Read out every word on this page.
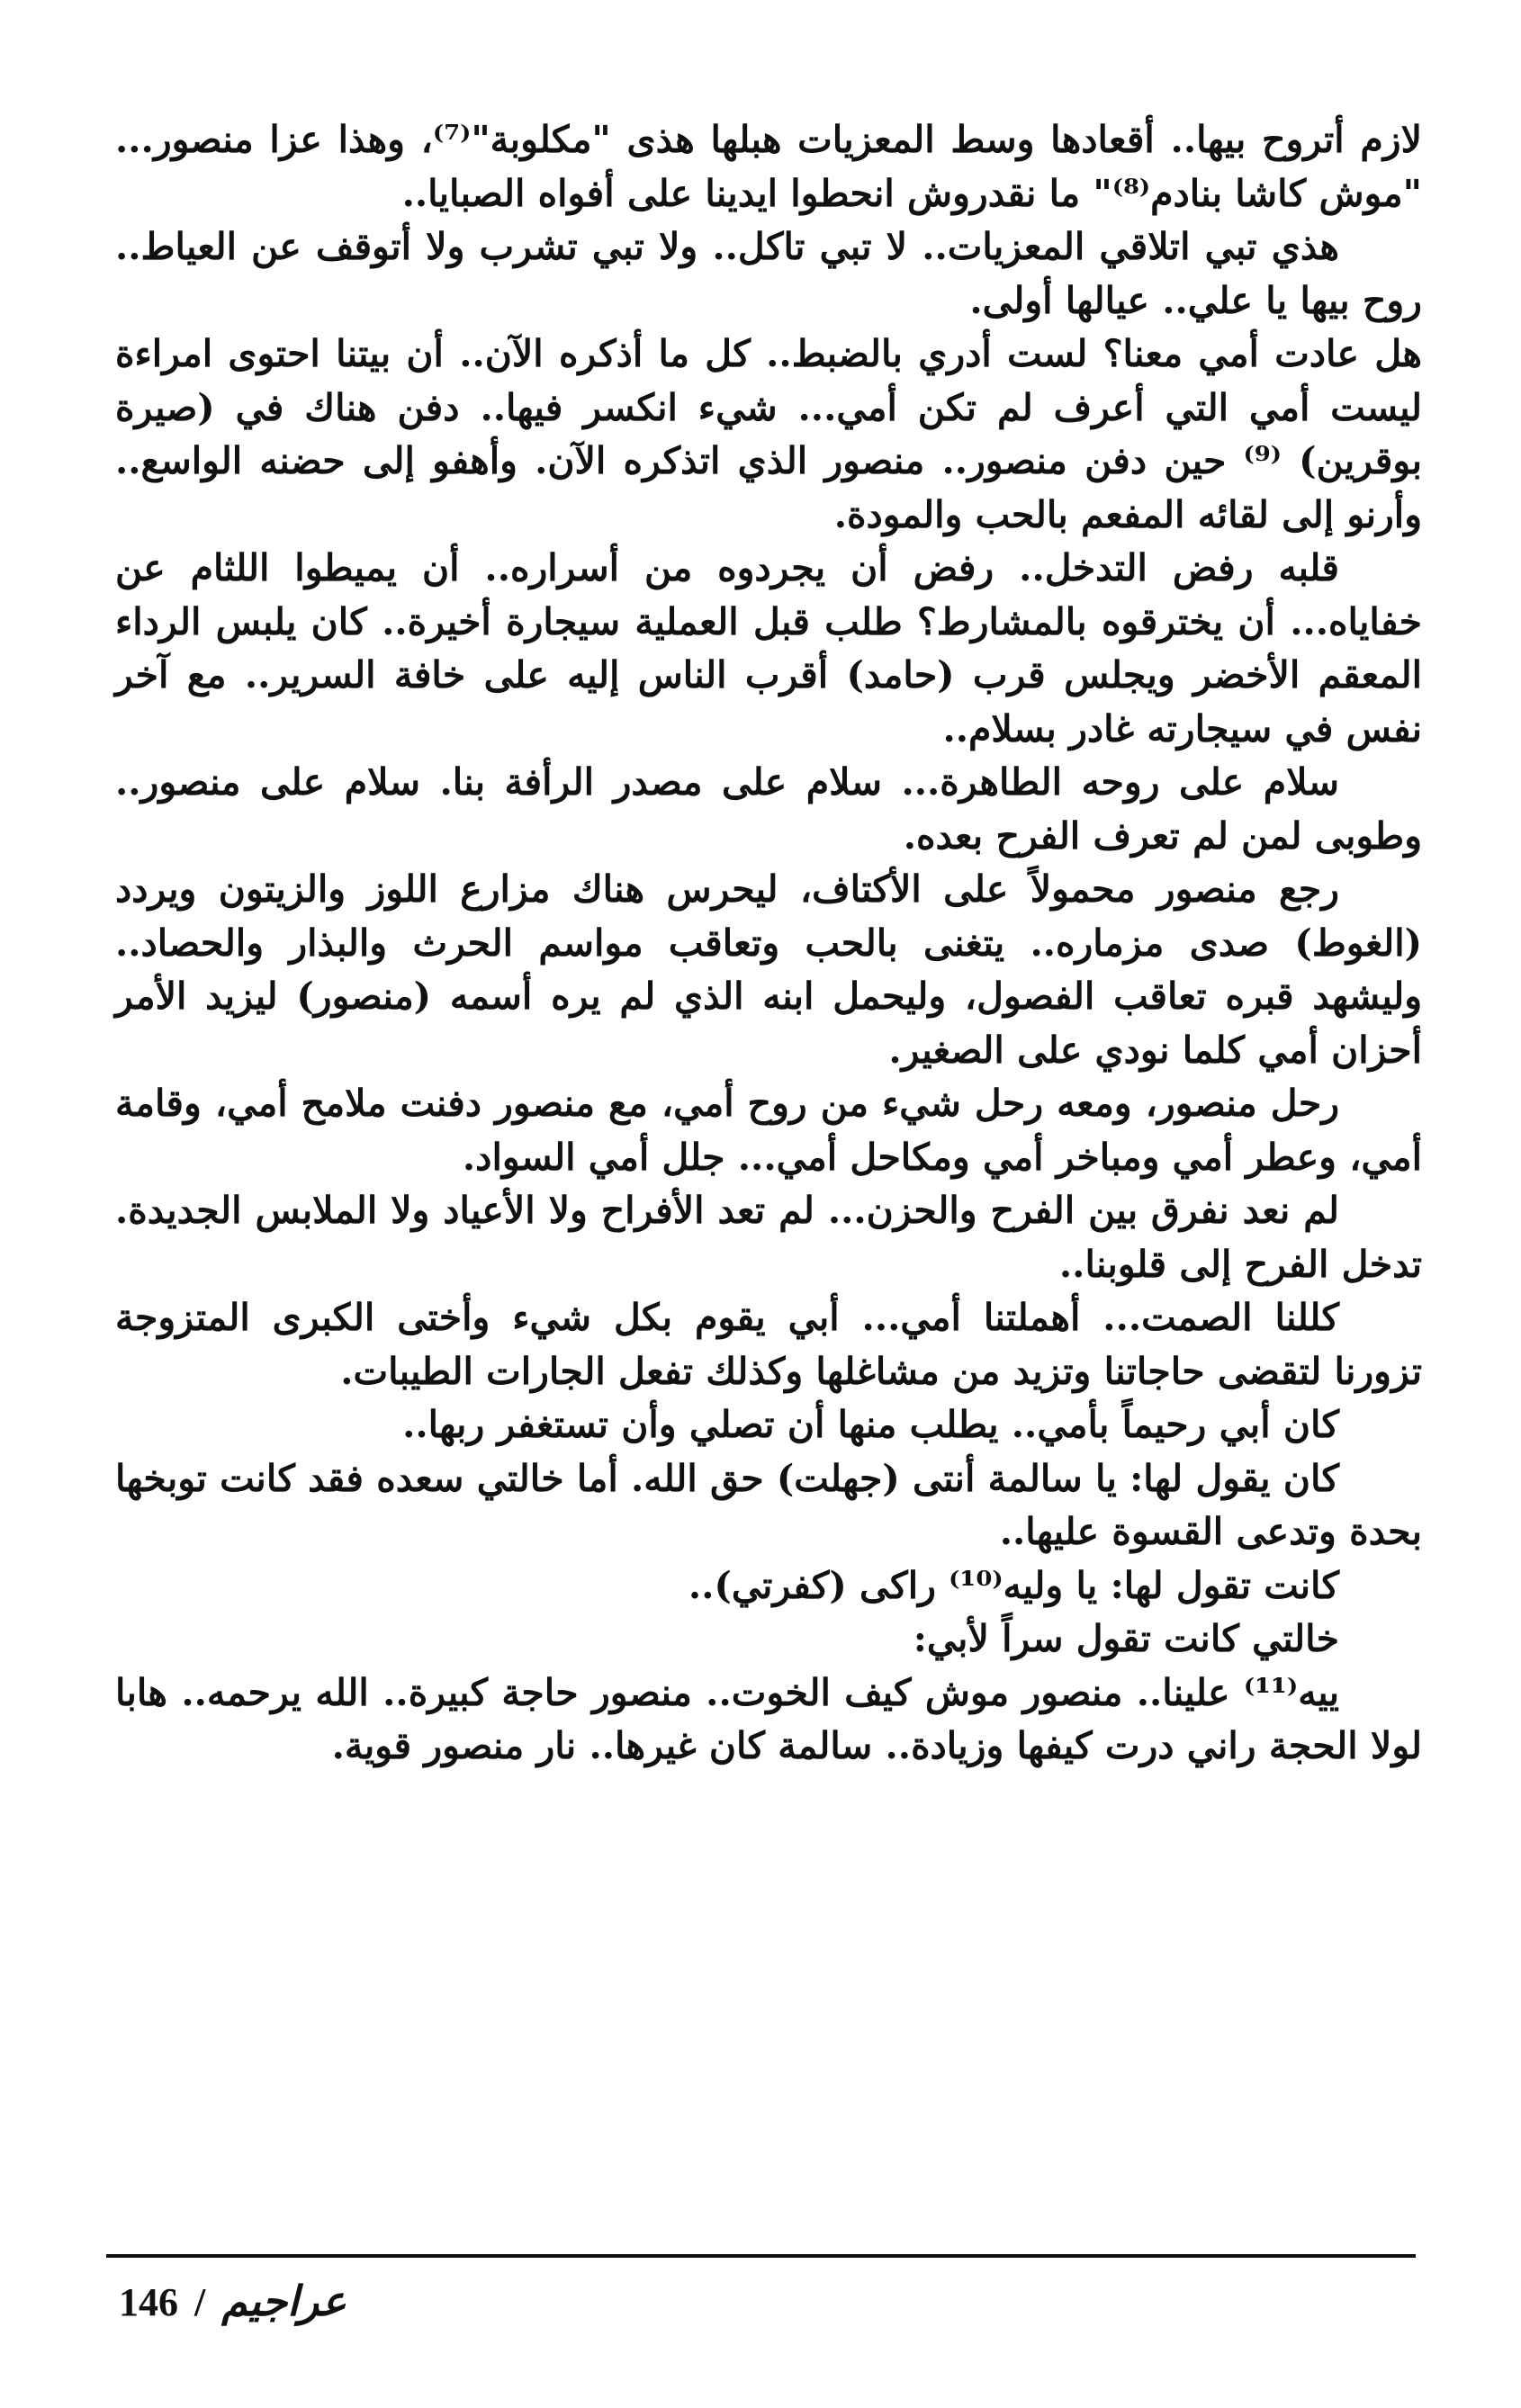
لازم أتروح بيها.. أقعادها وسط المعزيات هبلها هذى "مكلوبة"⁽⁷⁾، وهذا عزا منصور... "موش كاشا بنادم⁽⁸⁾" ما نقدروش انحطوا ايدينا على أفواه الصبايا..

هذي تبي اتلاقي المعزيات.. لا تبي تاكل.. ولا تبي تشرب ولا أتوقف عن العياط.. روح بيها يا علي.. عيالها أولى.

هل عادت أمي معنا؟ لست أدري بالضبط.. كل ما أذكره الآن.. أن بيتنا احتوى امراءة ليست أمي التي أعرف لم تكن أمي... شيء انكسر فيها.. دفن هناك في (صيرة بوقرين) ⁽⁹⁾ حين دفن منصور.. منصور الذي اتذكره الآن. وأهفو إلى حضنه الواسع.. وأرنو إلى لقائه المفعم بالحب والمودة.

قلبه رفض التدخل.. رفض أن يجردوه من أسراره.. أن يميطوا اللثام عن خفاياه... أن يخترقوه بالمشارط؟ طلب قبل العملية سيجارة أخيرة.. كان يلبس الرداء المعقم الأخضر ويجلس قرب (حامد) أقرب الناس إليه على خافة السرير.. مع آخر نفس في سيجارته غادر بسلام..

سلام على روحه الطاهرة... سلام على مصدر الرأفة بنا. سلام على منصور.. وطوبى لمن لم تعرف الفرح بعده.

رجع منصور محمولاً على الأكتاف، ليحرس هناك مزارع اللوز والزيتون ويردد (الغوط) صدى مزماره.. يتغنى بالحب وتعاقب مواسم الحرث والبذار والحصاد.. وليشهد قبره تعاقب الفصول، وليحمل ابنه الذي لم يره أسمه (منصور) ليزيد الأمر أحزان أمي كلما نودي على الصغير.

رحل منصور، ومعه رحل شيء من روح أمي، مع منصور دفنت ملامح أمي، وقامة أمي، وعطر أمي ومباخر أمي ومكاحل أمي... جلل أمي السواد.

لم نعد نفرق بين الفرح والحزن... لم تعد الأفراح ولا الأعياد ولا الملابس الجديدة. تدخل الفرح إلى قلوبنا..

كللنا الصمت... أهملتنا أمي... أبي يقوم بكل شيء وأختى الكبرى المتزوجة تزورنا لتقضى حاجاتنا وتزيد من مشاغلها وكذلك تفعل الجارات الطيبات.

كان أبي رحيماً بأمي.. يطلب منها أن تصلي وأن تستغفر ربها..

كان يقول لها: يا سالمة أنتى (جهلت) حق الله. أما خالتي سعده فقد كانت توبخها بحدة وتدعى القسوة عليها..

كانت تقول لها: يا وليه⁽¹⁰⁾ راكى (كفرتي)..

خالتي كانت تقول سراً لأبي:

ييه⁽¹¹⁾ علينا.. منصور موش كيف الخوت.. منصور حاجة كبيرة.. الله يرحمه.. هابا لولا الحجة راني درت كيفها وزيادة.. سالمة كان غيرها.. نار منصور قوية.

146 / عراجيم
